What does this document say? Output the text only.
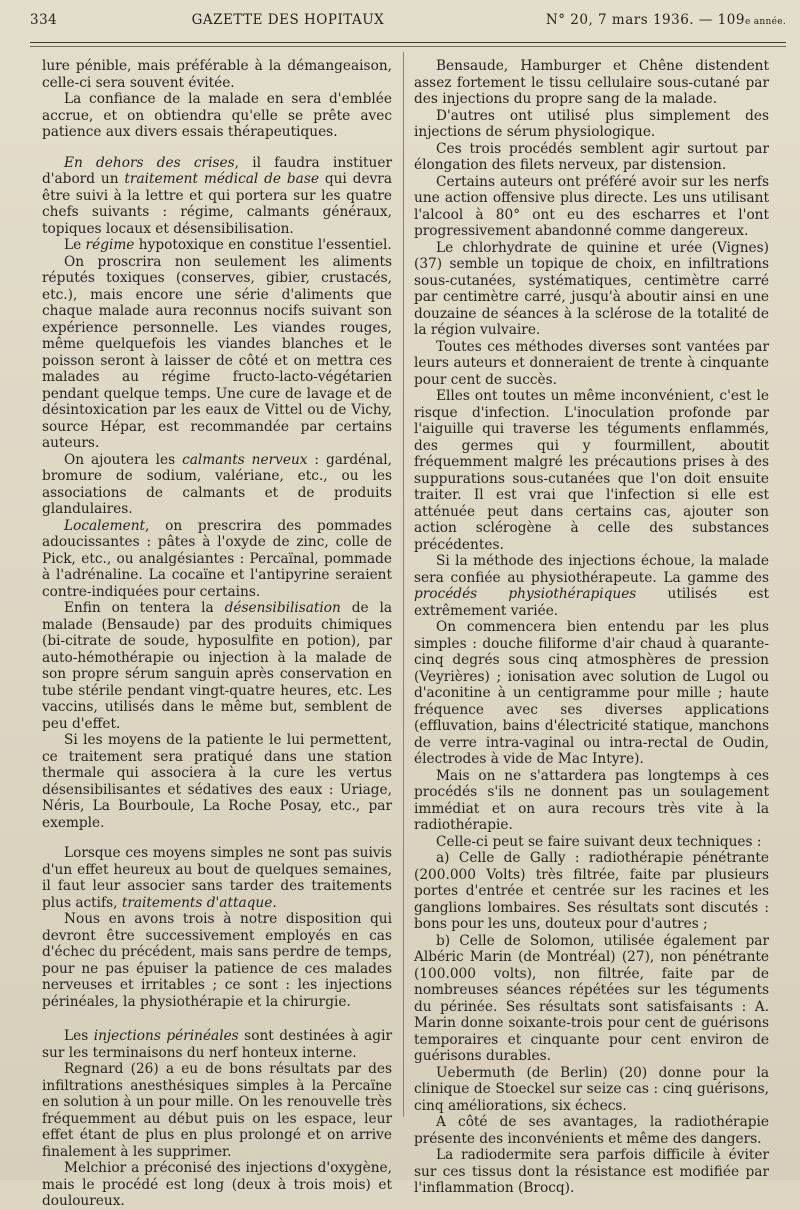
334	GAZETTE DES HOPITAUX	N° 20, 7 mars 1936. — 109e année.

lure pénible, mais préférable à la démangeaison, celle-ci sera souvent évitée.

La confiance de la malade en sera d'emblée accrue, et on obtiendra qu'elle se prête avec patience aux divers essais thérapeutiques.

En dehors des crises, il faudra instituer d'abord un traitement médical de base qui devra être suivi à la lettre et qui portera sur les quatre chefs suivants : régime, calmants généraux, topiques locaux et désensibilisation.

Le régime hypotoxique en constitue l'essentiel.

On proscrira non seulement les aliments réputés toxiques (conserves, gibier, crustacés, etc.), mais encore une série d'aliments que chaque malade aura reconnus nocifs suivant son expérience personnelle. Les viandes rouges, même quelquefois les viandes blanches et le poisson seront à laisser de côté et on mettra ces malades au régime fructo-lacto-végétarien pendant quelque temps. Une cure de lavage et de désintoxication par les eaux de Vittel ou de Vichy, source Hépar, est recommandée par certains auteurs.

On ajoutera les calmants nerveux : gardénal, bromure de sodium, valériane, etc., ou les associations de calmants et de produits glandulaires.

Localement, on prescrira des pommades adoucissantes : pâtes à l'oxyde de zinc, colle de Pick, etc., ou analgésiantes : Percaïnal, pommade à l'adrénaline. La cocaïne et l'antipyrine seraient contre-indiquées pour certains.

Enfin on tentera la désensibilisation de la malade (Bensaude) par des produits chimiques (bi-citrate de soude, hyposulfite en potion), par auto-hémothérapie ou injection à la malade de son propre sérum sanguin après conservation en tube stérile pendant vingt-quatre heures, etc. Les vaccins, utilisés dans le même but, semblent de peu d'effet.

Si les moyens de la patiente le lui permettent, ce traitement sera pratiqué dans une station thermale qui associera à la cure les vertus désensibilisantes et sédatives des eaux : Uriage, Néris, La Bourboule, La Roche Posay, etc., par exemple.

Lorsque ces moyens simples ne sont pas suivis d'un effet heureux au bout de quelques semaines, il faut leur associer sans tarder des traitements plus actifs, traitements d'attaque.

Nous en avons trois à notre disposition qui devront être successivement employés en cas d'échec du précédent, mais sans perdre de temps, pour ne pas épuiser la patience de ces malades nerveuses et irritables ; ce sont : les injections périnéales, la physiothérapie et la chirurgie.

Les injections périnéales sont destinées à agir sur les terminaisons du nerf honteux interne.

Regnard (26) a eu de bons résultats par des infiltrations anesthésiques simples à la Percaïne en solution à un pour mille. On les renouvelle très fréquemment au début puis on les espace, leur effet étant de plus en plus prolongé et on arrive finalement à les supprimer.

Melchior a préconisé des injections d'oxygène, mais le procédé est long (deux à trois mois) et douloureux.

Bensaude, Hamburger et Chêne distendent assez fortement le tissu cellulaire sous-cutané par des injections du propre sang de la malade.

D'autres ont utilisé plus simplement des injections de sérum physiologique.

Ces trois procédés semblent agir surtout par élongation des filets nerveux, par distension.

Certains auteurs ont préféré avoir sur les nerfs une action offensive plus directe. Les uns utilisant l'alcool à 80° ont eu des escharres et l'ont progressivement abandonné comme dangereux.

Le chlorhydrate de quinine et urée (Vignes) (37) semble un topique de choix, en infiltrations sous-cutanées, systématiques, centimètre carré par centimètre carré, jusqu'à aboutir ainsi en une douzaine de séances à la sclérose de la totalité de la région vulvaire.

Toutes ces méthodes diverses sont vantées par leurs auteurs et donneraient de trente à cinquante pour cent de succès.

Elles ont toutes un même inconvénient, c'est le risque d'infection. L'inoculation profonde par l'aiguille qui traverse les téguments enflammés, des germes qui y fourmillent, aboutit fréquemment malgré les précautions prises à des suppurations sous-cutanées que l'on doit ensuite traiter. Il est vrai que l'infection si elle est atténuée peut dans certains cas, ajouter son action sclérogène à celle des substances précédentes.

Si la méthode des injections échoue, la malade sera confiée au physiothérapeute. La gamme des procédés physiothérapiques utilisés est extrêmement variée.

On commencera bien entendu par les plus simples : douche filiforme d'air chaud à quarante-cinq degrés sous cinq atmosphères de pression (Veyrières) ; ionisation avec solution de Lugol ou d'aconitine à un centigramme pour mille ; haute fréquence avec ses diverses applications (effluvation, bains d'électricité statique, manchons de verre intra-vaginal ou intra-rectal de Oudin, électrodes à vide de Mac Intyre).

Mais on ne s'attardera pas longtemps à ces procédés s'ils ne donnent pas un soulagement immédiat et on aura recours très vite à la radiothérapie.

Celle-ci peut se faire suivant deux techniques :

a) Celle de Gally : radiothérapie pénétrante (200.000 Volts) très filtrée, faite par plusieurs portes d'entrée et centrée sur les racines et les ganglions lombaires. Ses résultats sont discutés : bons pour les uns, douteux pour d'autres ;

b) Celle de Solomon, utilisée également par Albéric Marin (de Montréal) (27), non pénétrante (100.000 volts), non filtrée, faite par de nombreuses séances répétées sur les téguments du périnée. Ses résultats sont satisfaisants : A. Marin donne soixante-trois pour cent de guérisons temporaires et cinquante pour cent environ de guérisons durables.

Uebermuth (de Berlin) (20) donne pour la clinique de Stoeckel sur seize cas : cinq guérisons, cinq améliorations, six échecs.

A côté de ses avantages, la radiothérapie présente des inconvénients et même des dangers.

La radiodermite sera parfois difficile à éviter sur ces tissus dont la résistance est modifiée par l'inflammation (Brocq).
